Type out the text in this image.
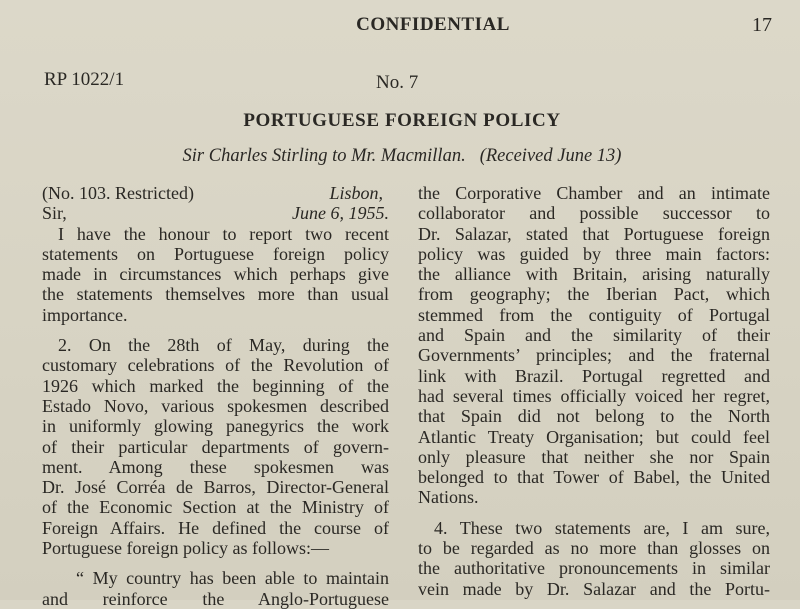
CONFIDENTIAL	17
RP 1022/1	No. 7
PORTUGUESE FOREIGN POLICY
Sir Charles Stirling to Mr. Macmillan. (Received June 13)
(No. 103. Restricted)	Lisbon,
Sir,	June 6, 1955.
I have the honour to report two recent
statements on Portuguese foreign policy
made in circumstances which perhaps give
the statements themselves more than usual
importance.
2. On the 28th of May, during the
customary celebrations of the Revolution of
1926 which marked the beginning of the
Estado Novo, various spokesmen described
in uniformly glowing panegyrics the work
of their particular departments of govern-
ment. Among these spokesmen was
Dr. José Corréa de Barros, Director-General
of the Economic Section at the Ministry of
Foreign Affairs. He defined the course of
Portuguese foreign policy as follows:—
“ My country has been able to maintain
and reinforce the Anglo-Portuguese
the Corporative Chamber and an intimate
collaborator and possible successor to
Dr. Salazar, stated that Portuguese foreign
policy was guided by three main factors:
the alliance with Britain, arising naturally
from geography; the Iberian Pact, which
stemmed from the contiguity of Portugal
and Spain and the similarity of their
Governments’ principles; and the fraternal
link with Brazil. Portugal regretted and
had several times officially voiced her regret,
that Spain did not belong to the North
Atlantic Treaty Organisation; but could feel
only pleasure that neither she nor Spain
belonged to that Tower of Babel, the United
Nations.
4. These two statements are, I am sure,
to be regarded as no more than glosses on
the authoritative pronouncements in similar
vein made by Dr. Salazar and the Portu-
